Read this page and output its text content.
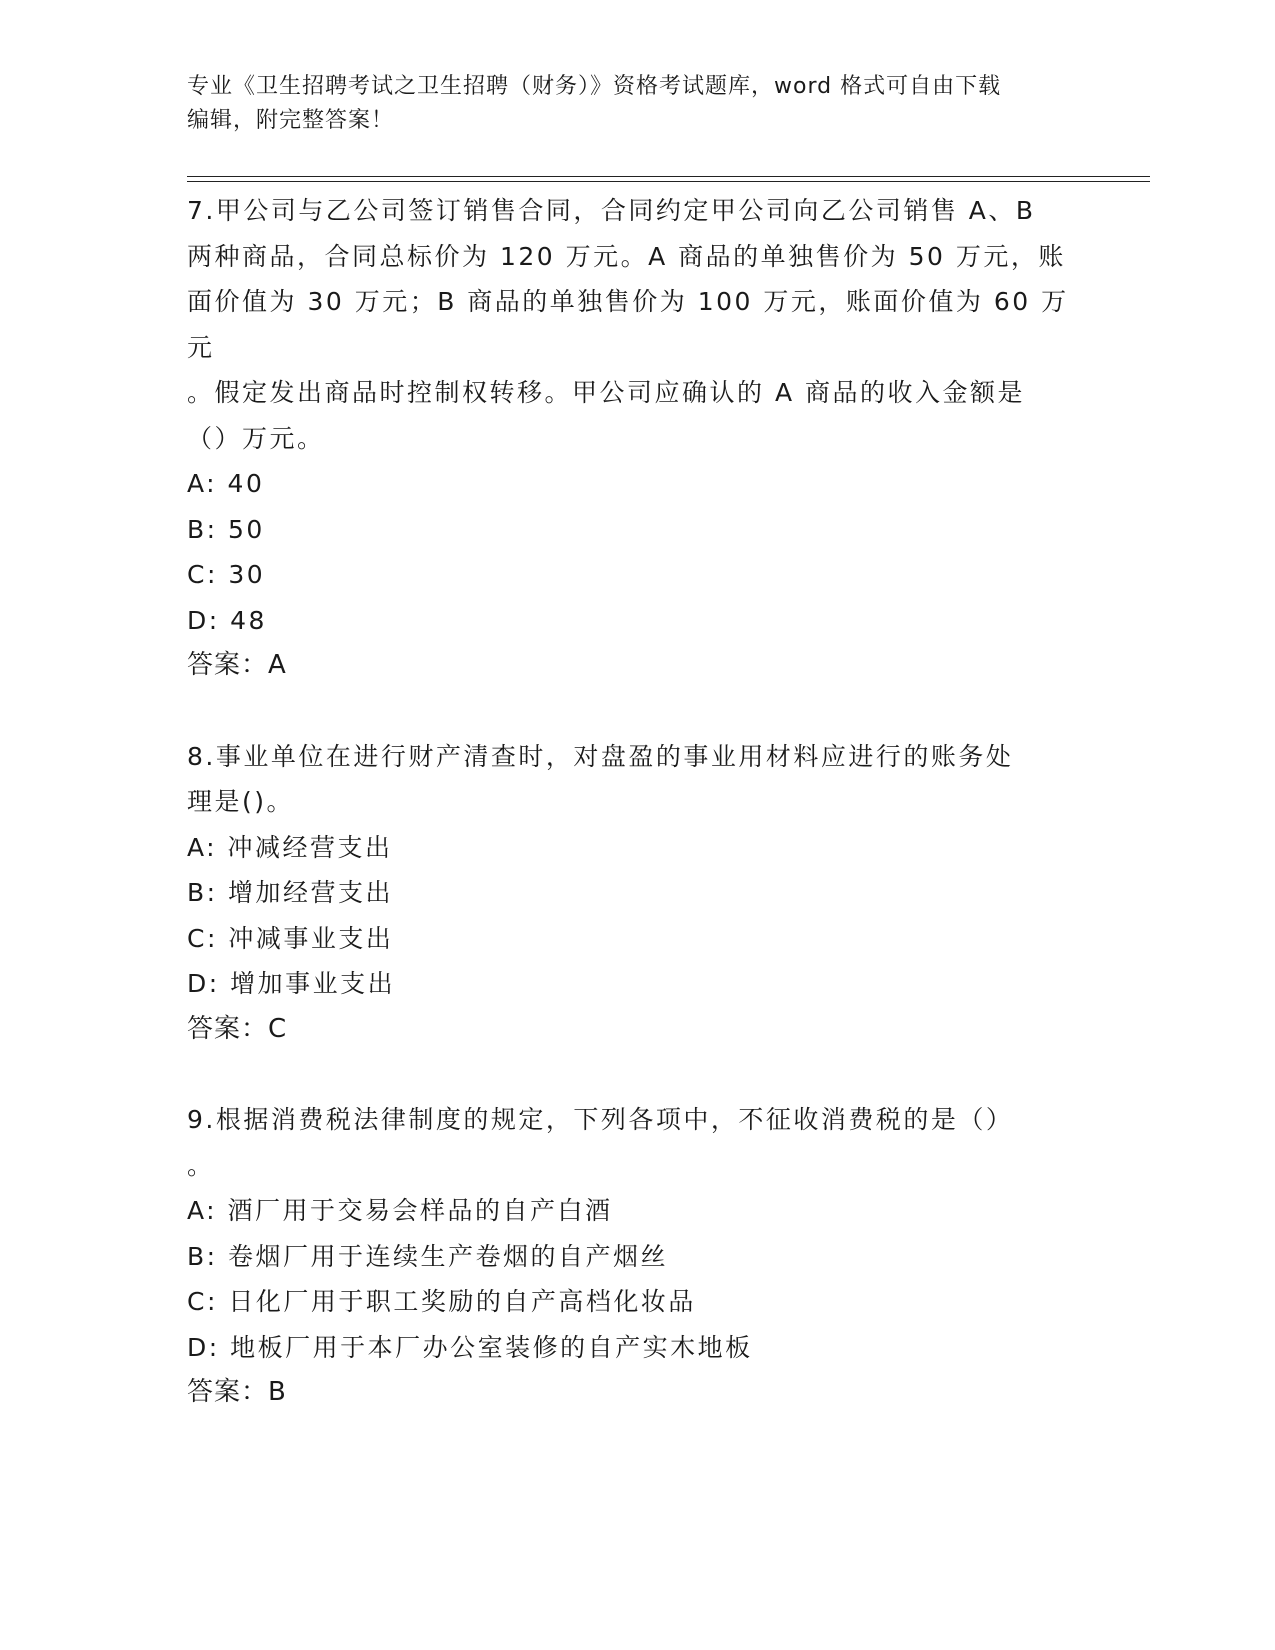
专业《卫生招聘考试之卫生招聘（财务）》资格考试题库，word 格式可自由下载
编辑，附完整答案！
7.甲公司与乙公司签订销售合同，合同约定甲公司向乙公司销售 A、B
两种商品，合同总标价为 120 万元。A 商品的单独售价为 50 万元，账
面价值为 30 万元；B 商品的单独售价为 100 万元，账面价值为 60 万元
。假定发出商品时控制权转移。甲公司应确认的 A 商品的收入金额是
（）万元。
A: 40
B: 50
C: 30
D: 48
答案：A
8.事业单位在进行财产清查时，对盘盈的事业用材料应进行的账务处
理是()。
A: 冲减经营支出
B: 增加经营支出
C: 冲减事业支出
D: 增加事业支出
答案：C
9.根据消费税法律制度的规定，下列各项中，不征收消费税的是（）
。
A: 酒厂用于交易会样品的自产白酒
B: 卷烟厂用于连续生产卷烟的自产烟丝
C: 日化厂用于职工奖励的自产高档化妆品
D: 地板厂用于本厂办公室装修的自产实木地板
答案：B
